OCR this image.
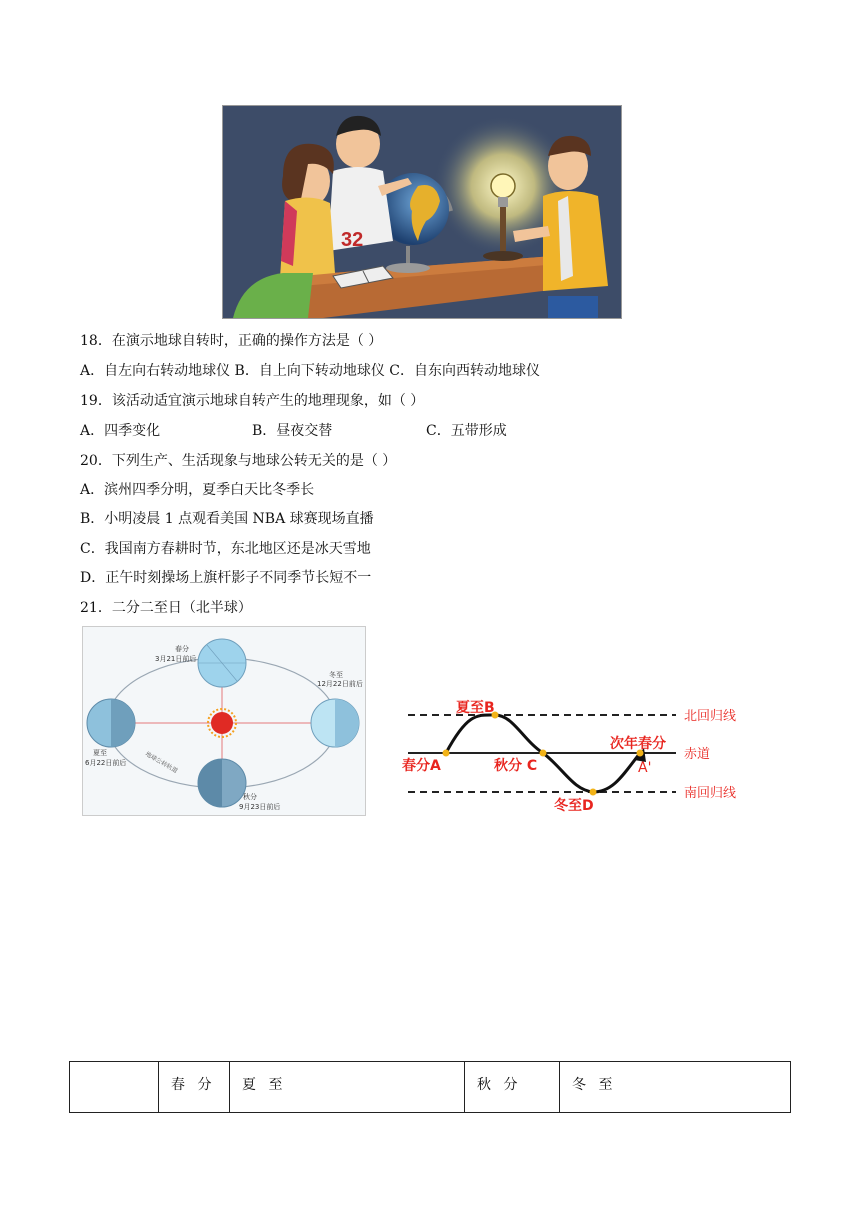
32
18．在演示地球自转时，正确的操作方法是（ ）
A．自左向右转动地球仪 B．自上向下转动地球仪 C．自东向西转动地球仪
19．该活动适宜演示地球自转产生的地理现象，如（ ）
A．四季变化	B．昼夜交替	C．五带形成
20．下列生产、生活现象与地球公转无关的是（ ）
A．滨州四季分明，夏季白天比冬季长
B．小明凌晨 1 点观看美国 NBA 球赛现场直播
C．我国南方春耕时节，东北地区还是冰天雪地
D．正午时刻操场上旗杆影子不同季节长短不一
21．二分二至日（北半球）
春分
3月21日前后
夏至
6月22日前后
冬至
12月22日前后
秋分
9月23日前后
地球公转轨道
夏至B
春分A	秋分 C
冬至D
次年春分
A'
北回归线
赤道
南回归线
	春 分	夏 至	秋 分	冬 至
